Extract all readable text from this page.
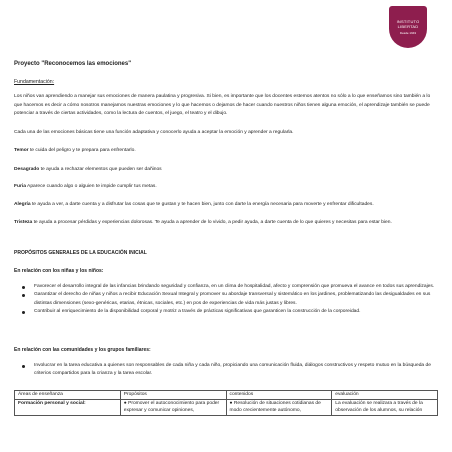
INSTITUTO
LIBERTAD
Desde 1943
Proyecto "Reconocemos las emociones"
Fundamentación:
Los niños van aprendiendo a manejar sus emociones de manera paulatina y progresiva. Si bien, es importante que los docentes estemos atentos no sólo a lo que enseñamos sino también a lo que hacemos es decir a cómo nosotros manejamos nuestras emociones y lo que hacemos o dejamos de hacer cuando nuestros niños tienen alguna emoción, el aprendizaje también se puede potenciar a través de ciertas actividades, como la lectura de cuentos, el juego, el teatro y el dibujo.
Cada una de las emociones básicas tiene una función adaptativa y conocerlo ayuda a aceptar la emoción y aprender a regularla.
Temor te cuida del peligro y te prepara para enfrentarlo.
Desagrado te ayuda a rechazar elementos que pueden ser dañinos
Furia Aparece cuando algo o alguien te impide cumplir tus metas.
Alegría te ayuda a ver, a darte cuenta y a disfrutar las cosas que te gustan y te hacen bien, junto con darte la energía necesaria para moverte y enfrentar dificultades.
Tristeza te ayuda a procesar pérdidas y experiencias dolorosas. Te ayuda a aprender de lo vivido, a pedir ayuda, a darte cuenta de lo que quieres y necesitas para estar bien.
PROPÓSITOS GENERALES DE LA EDUCACIÓN INICIAL
En relación con los niñas y los niños:
Favorecer el desarrollo integral de las infancias brindando seguridad y confianza, en un clima de hospitalidad, afecto y comprensión que promueva el avance en todos sus aprendizajes.
Garantizar el derecho de niñas y niños a recibir Educación Sexual Integral y promover su abordaje transversal y sistemático en los jardines, problematizando las desigualdades en sus distintas dimensiones (sexo-genéricas, etarias, étnicas, sociales, etc.) en pos de experiencias de vida más justas y libres.
Contribuir al enriquecimiento de la disponibilidad corporal y motriz a través de prácticas significativas que garanticen la construcción de la corporeidad.
En relación con las comunidades y los grupos familiares:
Involucrar en la tarea educativa a quienes son responsables de cada niña y cada niño, propiciando una comunicación fluida, diálogos constructivos y respeto mutuo en la búsqueda de criterios compartidos para la crianza y la tarea escolar.
Áreas de enseñanza	Propósitos	contenidos	evaluación
Formación personal y social:	● Promover el autoconocimiento para poder expresar y comunicar opiniones,	● Resolución de situaciones cotidianas de modo crecientemente autónomo,	La evaluación se realizara a través de la observación de los alumnos, su relación
